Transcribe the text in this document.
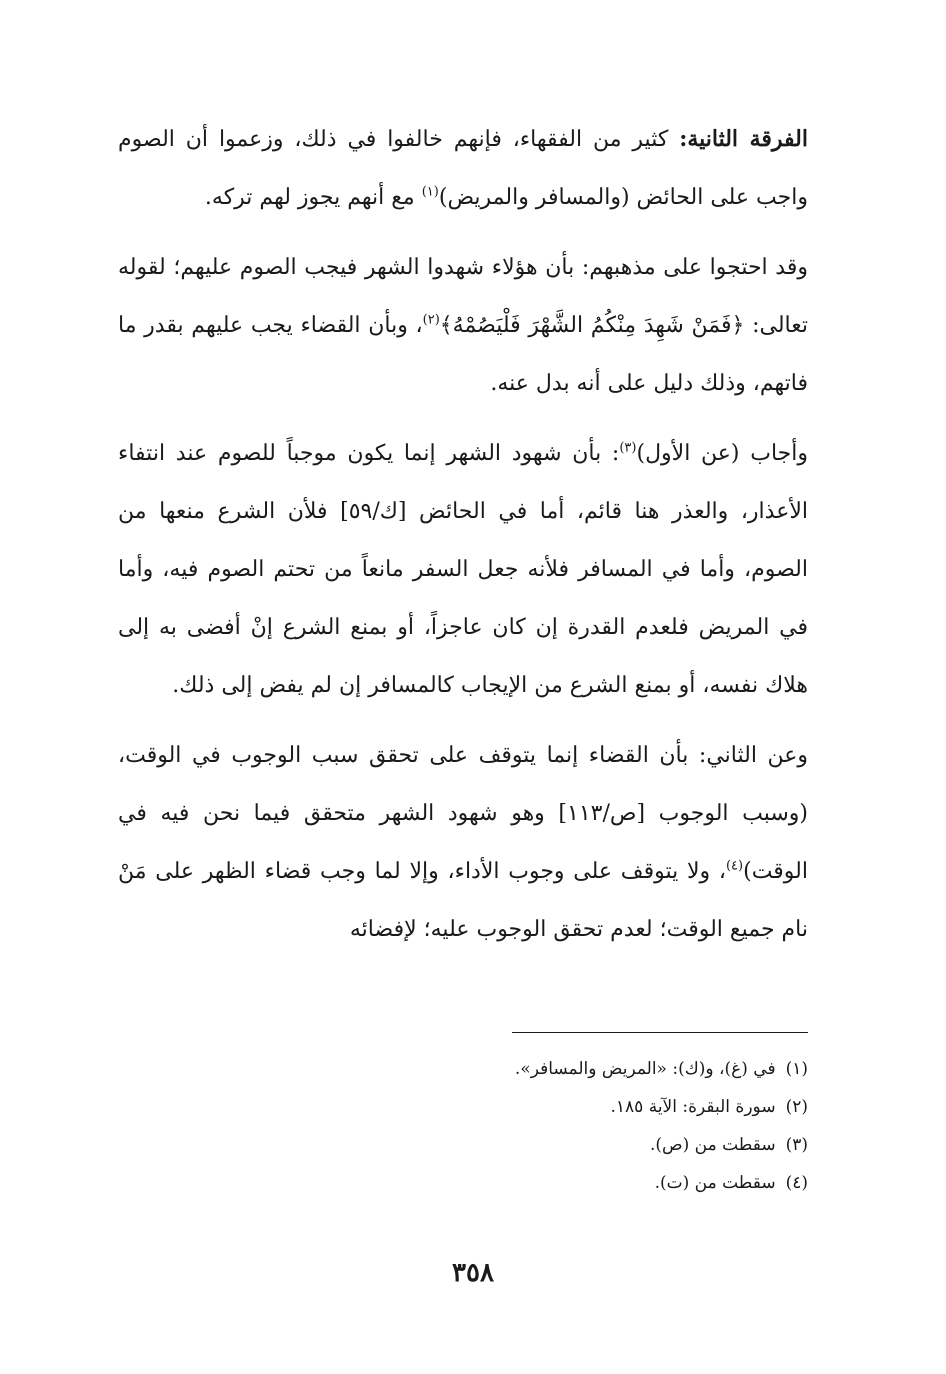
الفرقة الثانية: كثير من الفقهاء، فإنهم خالفوا في ذلك، وزعموا أن الصوم واجب على الحائض (والمسافر والمريض)$^{(١)}$ مع أنهم يجوز لهم تركه.

وقد احتجوا على مذهبهم: بأن هؤلاء شهدوا الشهر فيجب الصوم عليهم؛ لقوله تعالى: ﴿فَمَنْ شَهِدَ مِنْكُمُ الشَّهْرَ فَلْيَصُمْهُ﴾$^{(٢)}$، وبأن القضاء يجب عليهم بقدر ما فاتهم، وذلك دليل على أنه بدل عنه.

وأجاب (عن الأول)$^{(٣)}$: بأن شهود الشهر إنما يكون موجباً للصوم عند انتفاء الأعذار، والعذر هنا قائم، أما في الحائض [ك/٥٩] فلأن الشرع منعها من الصوم، وأما في المسافر فلأنه جعل السفر مانعاً من تحتم الصوم فيه، وأما في المريض فلعدم القدرة إن كان عاجزاً، أو بمنع الشرع إنْ أفضى به إلى هلاك نفسه، أو بمنع الشرع من الإيجاب كالمسافر إن لم يفض إلى ذلك.

وعن الثاني: بأن القضاء إنما يتوقف على تحقق سبب الوجوب في الوقت، (وسبب الوجوب [ص/١١٣] وهو شهود الشهر متحقق فيما نحن فيه في الوقت)$^{(٤)}$، ولا يتوقف على وجوب الأداء، وإلا لما وجب قضاء الظهر على مَنْ نام جميع الوقت؛ لعدم تحقق الوجوب عليه؛ لإفضائه

(١)في (غ)، و(ك): «المريض والمسافر».
(٢)سورة البقرة: الآية ١٨٥.
(٣)سقطت من (ص).
(٤)سقطت من (ت).
٣٥٨
